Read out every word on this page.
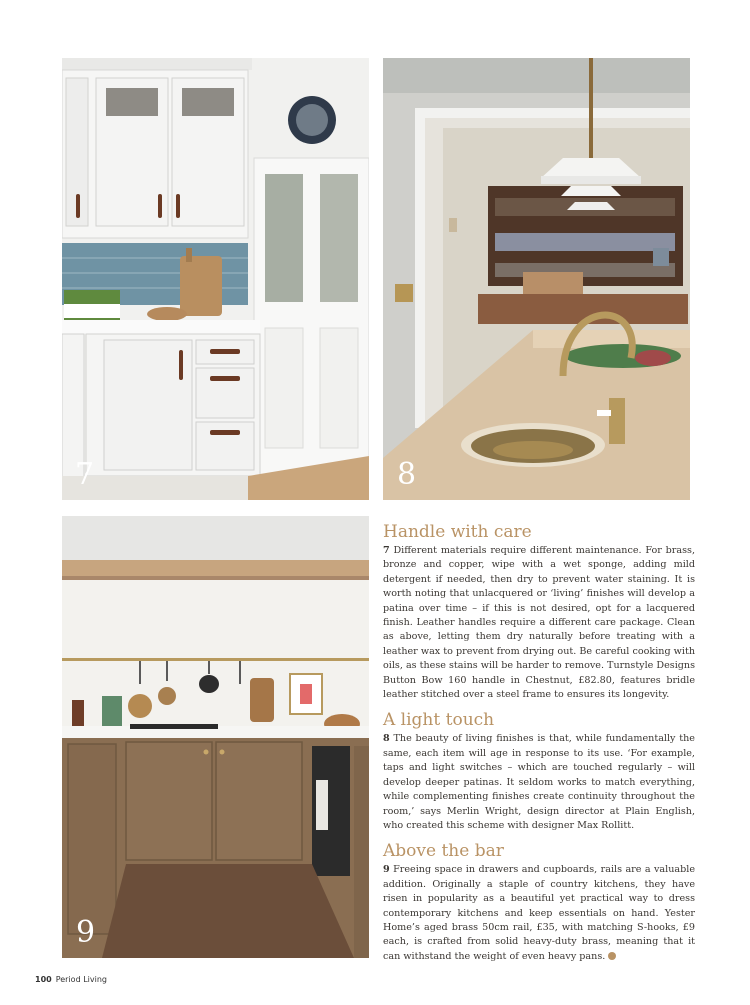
7	8
9
Handle with care

7 Different materials require different maintenance. For brass, bronze and copper, wipe with a wet sponge, adding mild detergent if needed, then dry to prevent water staining. It is worth noting that unlacquered or ‘living’ finishes will develop a patina over time – if this is not desired, opt for a lacquered finish. Leather handles require a different care package. Clean as above, letting them dry naturally before treating with a leather wax to prevent from drying out. Be careful cooking with oils, as these stains will be harder to remove. Turnstyle Designs Button Bow 160 handle in Chestnut, £82.80, features bridle leather stitched over a steel frame to ensures its longevity.

A light touch

8 The beauty of living finishes is that, while fundamentally the same, each item will age in response to its use. ‘For example, taps and light switches – which are touched regularly – will develop deeper patinas. It seldom works to match everything, while complementing finishes create continuity throughout the room,’ says Merlin Wright, design director at Plain English, who created this scheme with designer Max Rollitt.

Above the bar

9 Freeing space in drawers and cupboards, rails are a valuable addition. Originally a staple of country kitchens, they have risen in popularity as a beautiful yet practical way to dress contemporary kitchens and keep essentials on hand. Yester Home’s aged brass 50cm rail, £35, with matching S-hooks, £9 each, is crafted from solid heavy-duty brass, meaning that it can withstand the weight of even heavy pans.

100 Period Living
